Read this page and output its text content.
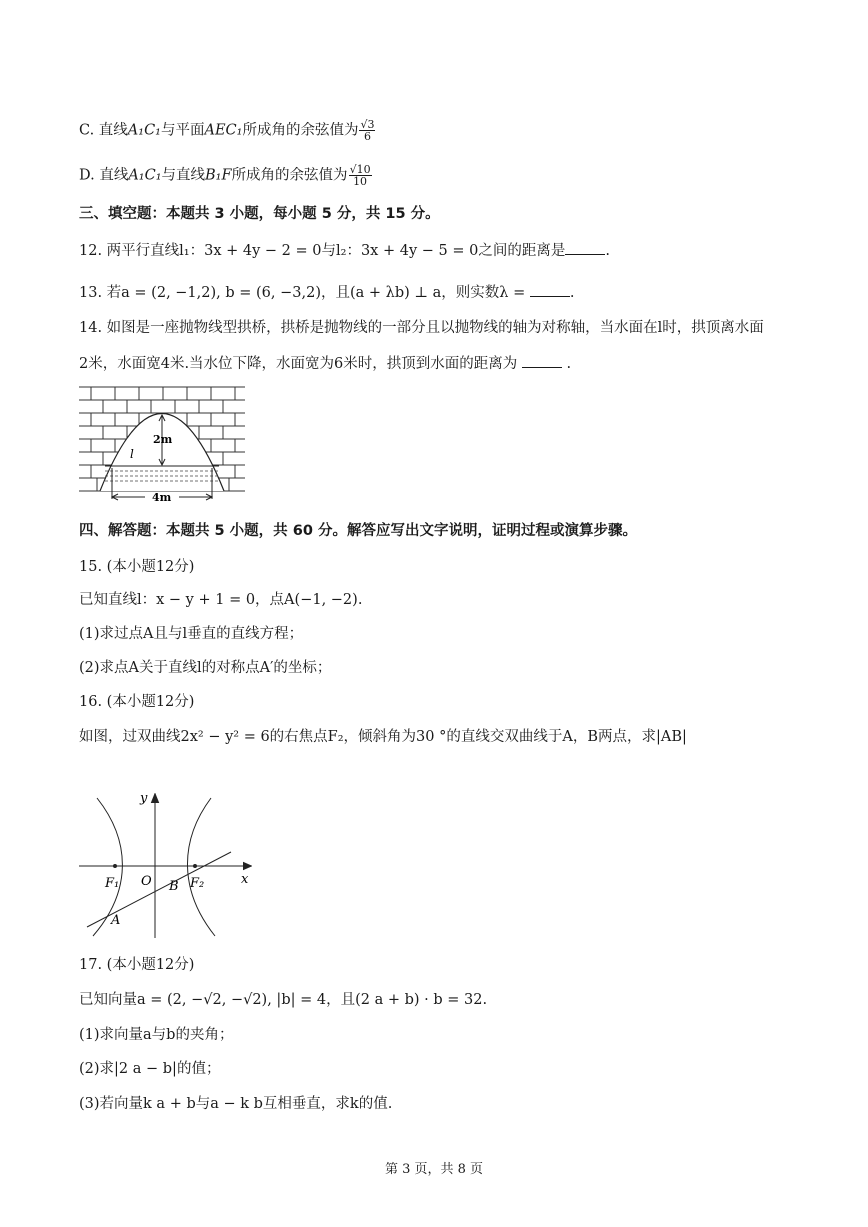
C. 直线A₁C₁与平面AEC₁所成角的余弦值为 $\frac{√3}{6}$
D. 直线A₁C₁与直线B₁F所成角的余弦值为 $\frac{√10}{10}$
三、填空题：本题共 3 小题，每小题 5 分，共 15 分。
12. 两平行直线l₁：3x + 4y − 2 = 0与l₂：3x + 4y − 5 = 0之间的距离是	.
13. 若a = (2, −1,2), b = (6, −3,2)，且(a + λb) ⊥ a，则实数λ =	.
14. 如图是一座抛物线型拱桥，拱桥是抛物线的一部分且以抛物线的轴为对称轴，当水面在l时，拱顶离水面
2米，水面宽4米.当水位下降，水面宽为6米时，拱顶到水面的距离为	.
2m
l
4m
四、解答题：本题共 5 小题，共 60 分。解答应写出文字说明，证明过程或演算步骤。
15. (本小题12分)
已知直线l：x − y + 1 = 0，点A(−1, −2).
(1)求过点A且与l垂直的直线方程；
(2)求点A关于直线l的对称点A′的坐标；
16. (本小题12分)
如图，过双曲线2x² − y² = 6的右焦点F₂，倾斜角为30 °的直线交双曲线于A，B两点，求|AB|
y
x
F₁ O B F₂
A
17. (本小题12分)
已知向量a = (2, −√2, −√2), |b| = 4，且(2 a + b) · b = 32.
(1)求向量a与b的夹角；
(2)求|2 a − b|的值；
(3)若向量k a + b与a − k b互相垂直，求k的值.
第 3 页，共 8 页
